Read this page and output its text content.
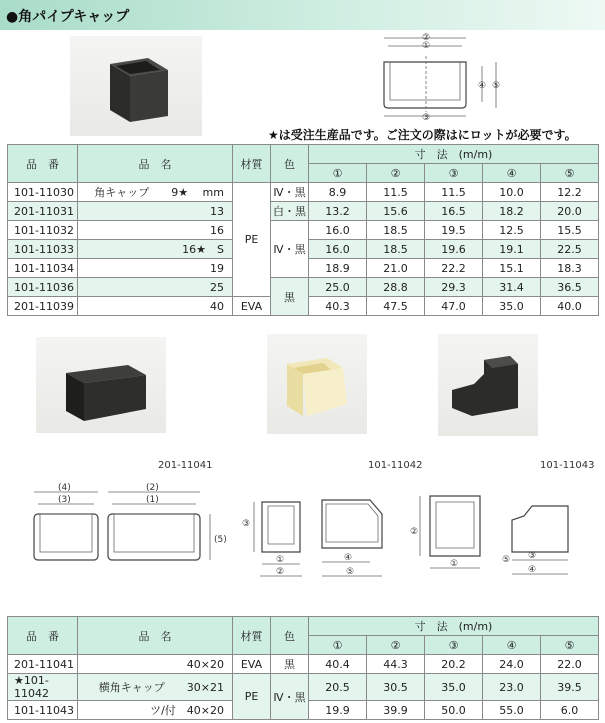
●角パイプキャップ
②
①
③
④ ⑤
★は受注生産品です。ご注文の際はにロットが必要です。
品　番	品　名	材質	色	寸　法　(m/m)				
				①	②	③	④	⑤
101-11030	角キャップ　　9★　 mm	PE	Ⅳ・黒	8.9	11.5	11.5	10.0	12.2
201-11031	13		白・黒	13.2	15.6	16.5	18.2	20.0
101-11032	16		Ⅳ・黒	16.0	18.5	19.5	12.5	15.5
101-11033	16★　S			16.0	18.5	19.6	19.1	22.5
101-11034	19			18.9	21.0	22.2	15.1	18.3
101-11036	25		黒	25.0	28.8	29.3	31.4	36.5
201-11039	40	EVA		40.3	47.5	47.0	35.0	40.0
201-11041	101-11042	101-11043
(4)
(3)
(2)
(1)
(5)
③
①
②
④
⑤
②
①
③
④
⑤
品　番	品　名	材質	色	寸　法　(m/m)				
				①	②	③	④	⑤
201-11041	40×20	EVA	黒	40.4	44.3	20.2	24.0	22.0
★101-11042	横角キャップ　　30×21	PE	Ⅳ・黒	20.5	30.5	35.0	23.0	39.5
101-11043	ツ/付　40×20			19.9	39.9	50.0	55.0	6.0
